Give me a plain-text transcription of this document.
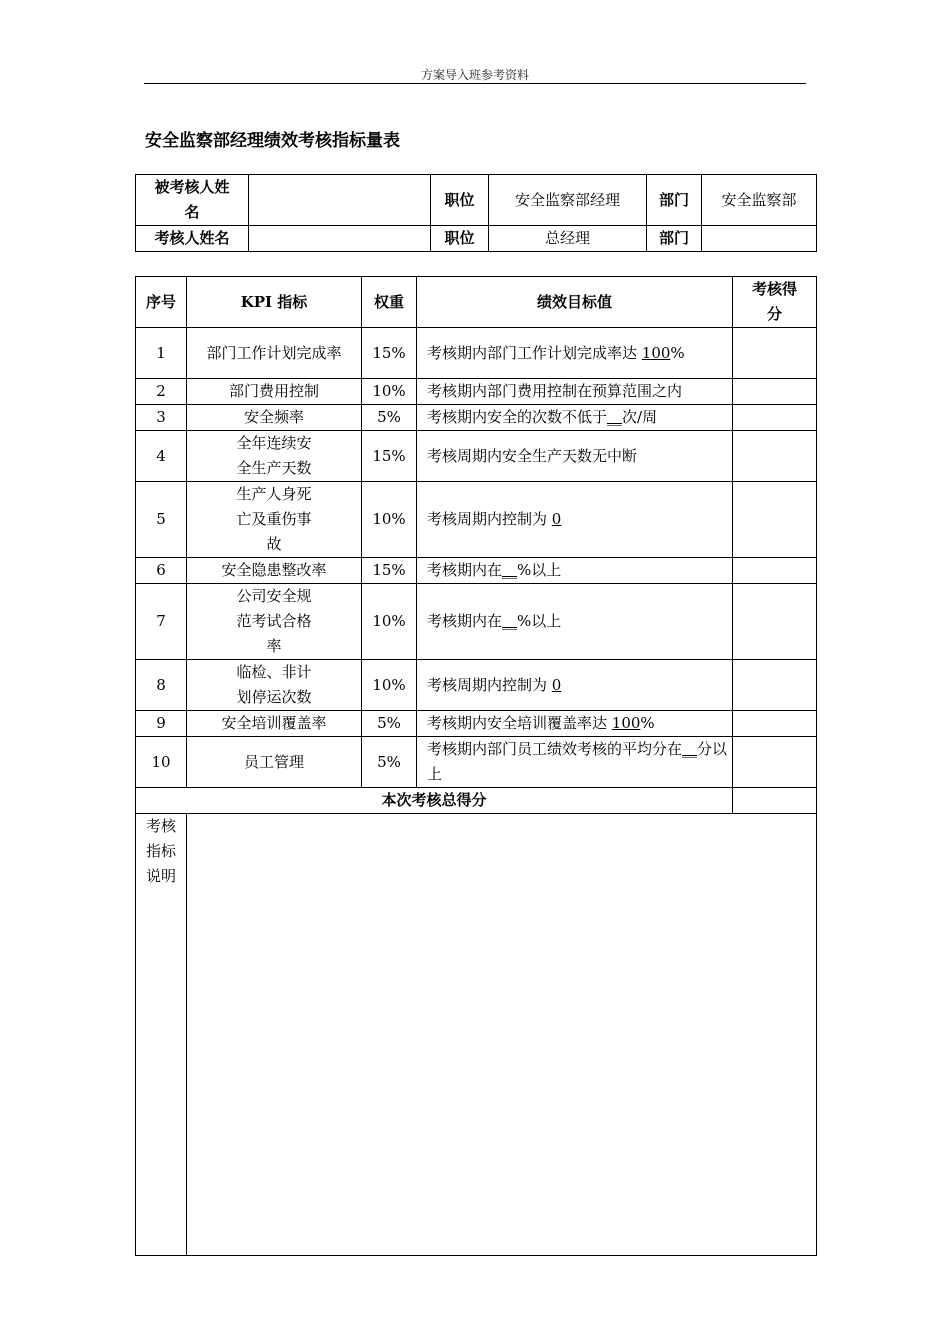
方案导入班参考资料
安全监察部经理绩效考核指标量表
被考核人姓名		职位	安全监察部经理	部门	安全监察部
考核人姓名		职位	总经理	部门	
序号	KPI 指标	权重	绩效目标值	考核得分

1	部门工作计划完成率	15%	考核期内部门工作计划完成率达 100%	
2	部门费用控制	10%	考核期内部门费用控制在预算范围之内	
3	安全频率	5%	考核期内安全的次数不低于__次/周	
4	全年连续安全生产天数	15%	考核周期内安全生产天数无中断	
5	生产人身死亡及重伤事故	10%	考核周期内控制为 0	
6	安全隐患整改率	15%	考核期内在__%以上	
7	公司安全规范考试合格率	10%	考核期内在__%以上	
8	临检、非计划停运次数	10%	考核周期内控制为 0	
9	安全培训覆盖率	5%	考核期内安全培训覆盖率达 100%	
10	员工管理	5%	考核期内部门员工绩效考核的平均分在__分以上	
本次考核总得分				

考核指标说明				
